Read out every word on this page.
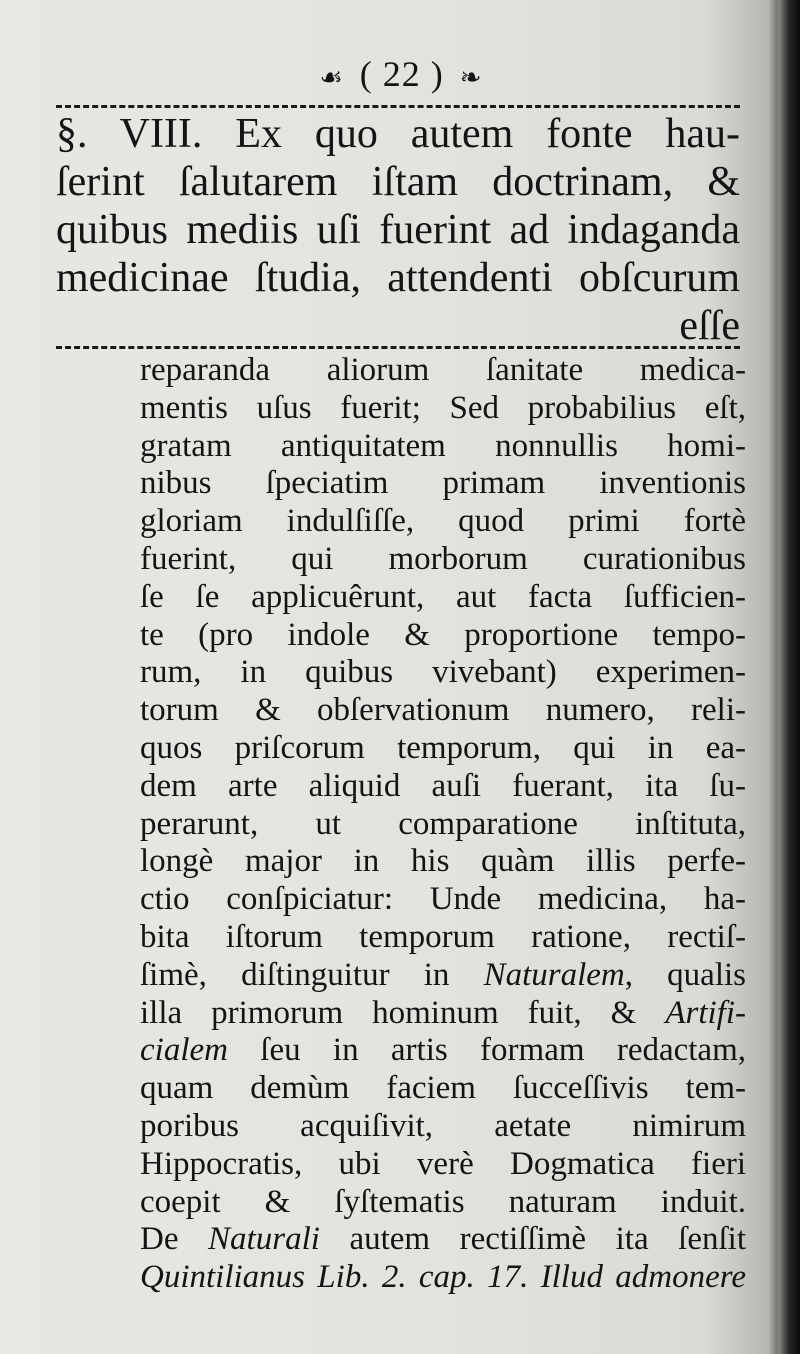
☙ ( 22 ) ❧
§. VIII. Ex quo autem fonte hau-
ſerint ſalutarem iſtam doctrinam, &
quibus mediis uſi fuerint ad indaganda
medicinae ſtudia, attendenti obſcurum
eſſe
reparanda aliorum ſanitate medica-
mentis uſus fuerit; Sed probabilius eſt,
gratam antiquitatem nonnullis homi-
nibus ſpeciatim primam inventionis
gloriam indulſiſſe, quod primi fortè
fuerint, qui morborum curationibus
ſe ſe applicuêrunt, aut facta ſufficien-
te (pro indole & proportione tempo-
rum, in quibus vivebant) experimen-
torum & obſervationum numero, reli-
quos priſcorum temporum, qui in ea-
dem arte aliquid auſi fuerant, ita ſu-
perarunt, ut comparatione inſtituta,
longè major in his quàm illis perfe-
ctio conſpiciatur: Unde medicina, ha-
bita iſtorum temporum ratione, rectiſ-
ſimè, diſtinguitur in Naturalem, qualis
illa primorum hominum fuit, & Artifi-
cialem ſeu in artis formam redactam,
quam demùm faciem ſucceſſivis tem-
poribus acquiſivit, aetate nimirum
Hippocratis, ubi verè Dogmatica fieri
coepit & ſyſtematis naturam induit.
De Naturali autem rectiſſimè ita ſenſit
Quintilianus Lib. 2. cap. 17. Illud admonere
